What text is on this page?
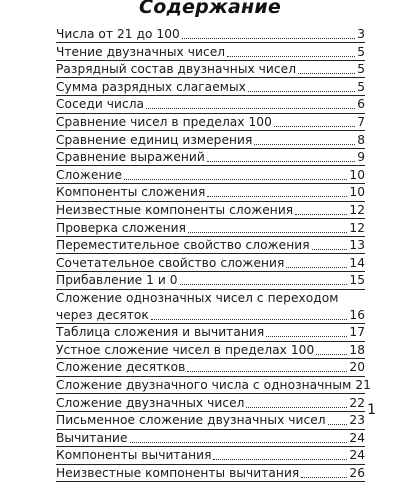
Содержание
Числа от 21 до 100	3
Чтение двузначных чисел	5
Разрядный состав двузначных чисел	5
Сумма разрядных слагаемых	5
Соседи числа	6
Сравнение чисел в пределах 100	7
Сравнение единиц измерения	8
Сравнение выражений	9
Сложение	10
Компоненты сложения	10
Неизвестные компоненты сложения	12
Проверка сложения	12
Переместительное свойство сложения	13
Сочетательное свойство сложения	14
Прибавление 1 и 0	15
Сложение однозначных чисел с переходом
через десяток	16
Таблица сложения и вычитания	17
Устное сложение чисел в пределах 100	18
Сложение десятков	20
Сложение двузначного числа с однозначным 21
Сложение двузначных чисел	22
Письменное сложение двузначных чисел 23
Вычитание	24
Компоненты вычитания	24
Неизвестные компоненты вычитания	26
1
